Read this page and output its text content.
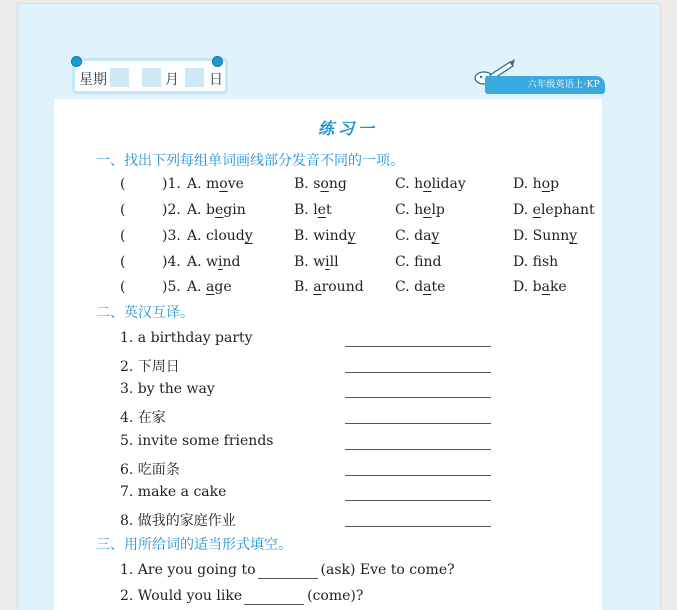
星期	月 日	六年级英语上·KP
练习一
一、找出下列每组单词画线部分发音不同的一项。
(	)1. A. move	B. song	C. holiday	D. hop
(	)2. A. begin	B. let	C. help	D. elephant
(	)3. A. cloudy	B. windy	C. day	D. Sunny
(	)4. A. wind	B. will	C. fnd	D. fsh
(	)5. A. age	B. around C. date	D. bake
二、英汉互译。
1. a birthday party
2. 下周日
3. by the way
4. 在家
5. invite some friends
6. 吃面条
7. make a cake
8. 做我的家庭作业
三、用所给词的适当形式填空。
1. Are you going to	(ask) Eve to come?
2. Would you like	(come)?
